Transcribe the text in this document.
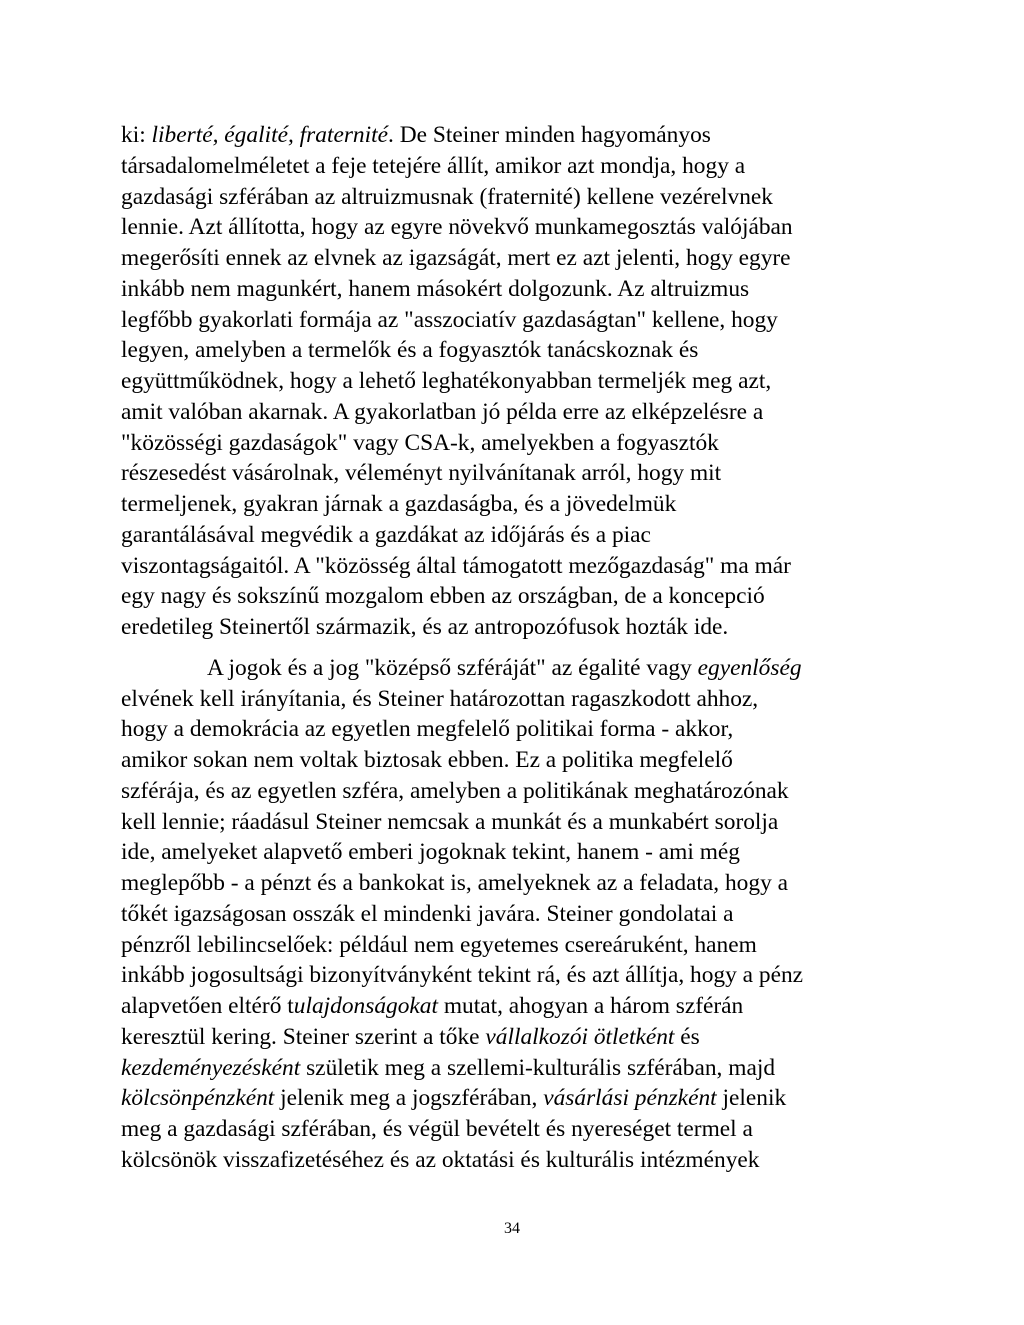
ki: liberté, égalité, fraternité. De Steiner minden hagyományos
társadalomelméletet a feje tetejére állít, amikor azt mondja, hogy a
gazdasági szférában az altruizmusnak (fraternité) kellene vezérelvnek
lennie. Azt állította, hogy az egyre növekvő munkamegosztás valójában
megerősíti ennek az elvnek az igazságát, mert ez azt jelenti, hogy egyre
inkább nem magunkért, hanem másokért dolgozunk. Az altruizmus
legfőbb gyakorlati formája az "asszociatív gazdaságtan" kellene, hogy
legyen, amelyben a termelők és a fogyasztók tanácskoznak és
együttműködnek, hogy a lehető leghatékonyabban termeljék meg azt,
amit valóban akarnak. A gyakorlatban jó példa erre az elképzelésre a
"közösségi gazdaságok" vagy CSA-k, amelyekben a fogyasztók
részesedést vásárolnak, véleményt nyilvánítanak arról, hogy mit
termeljenek, gyakran járnak a gazdaságba, és a jövedelmük
garantálásával megvédik a gazdákat az időjárás és a piac
viszontagságaitól. A "közösség által támogatott mezőgazdaság" ma már
egy nagy és sokszínű mozgalom ebben az országban, de a koncepció
eredetileg Steinertől származik, és az antropozófusok hozták ide.
A jogok és a jog "középső szféráját" az égalité vagy egyenlőség
elvének kell irányítania, és Steiner határozottan ragaszkodott ahhoz,
hogy a demokrácia az egyetlen megfelelő politikai forma - akkor,
amikor sokan nem voltak biztosak ebben. Ez a politika megfelelő
szférája, és az egyetlen szféra, amelyben a politikának meghatározónak
kell lennie; ráadásul Steiner nemcsak a munkát és a munkabért sorolja
ide, amelyeket alapvető emberi jogoknak tekint, hanem - ami még
meglepőbb - a pénzt és a bankokat is, amelyeknek az a feladata, hogy a
tőkét igazságosan osszák el mindenki javára. Steiner gondolatai a
pénzről lebilincselőek: például nem egyetemes csereáruként, hanem
inkább jogosultsági bizonyítványként tekint rá, és azt állítja, hogy a pénz
alapvetően eltérő tulajdonságokat mutat, ahogyan a három szférán
keresztül kering. Steiner szerint a tőke vállalkozói ötletként és
kezdeményezésként születik meg a szellemi-kulturális szférában, majd
kölcsönpénzként jelenik meg a jogszférában, vásárlási pénzként jelenik
meg a gazdasági szférában, és végül bevételt és nyereséget termel a
kölcsönök visszafizetéséhez és az oktatási és kulturális intézmények
34
